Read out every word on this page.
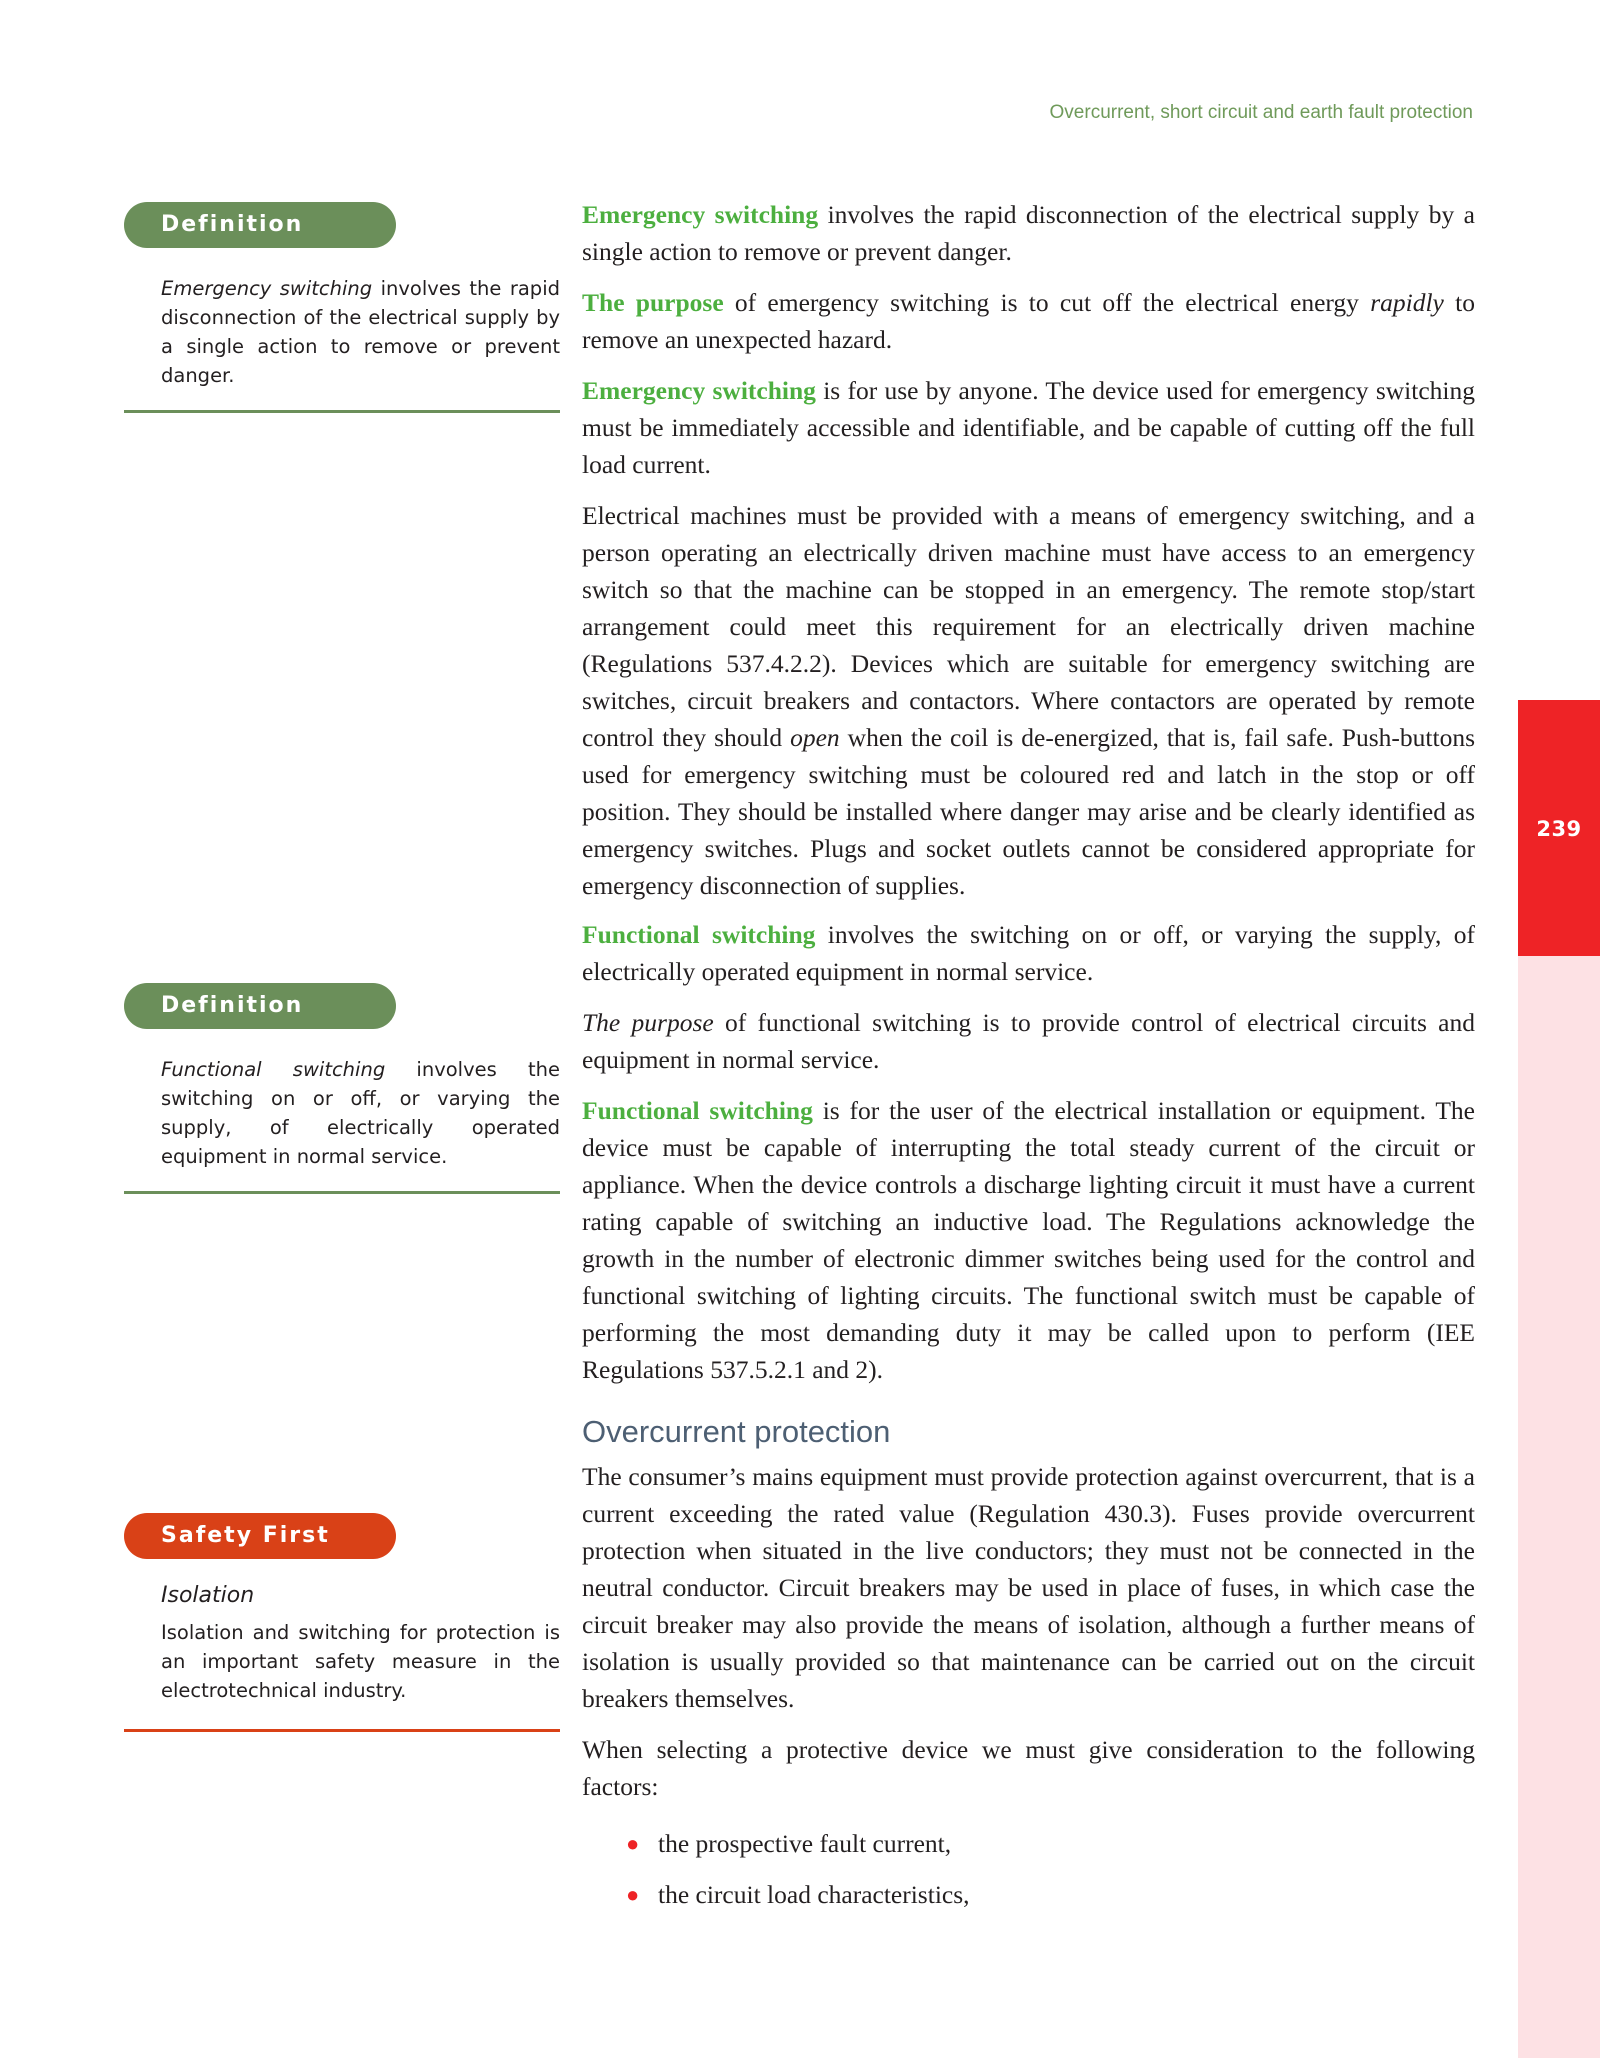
Overcurrent, short circuit and earth fault protection
239
Definition
Emergency switching involves the rapid disconnection of the electrical supply by a single action to remove or prevent danger.
Definition
Functional switching involves the switching on or off, or varying the supply, of electrically operated equipment in normal service.
Safety First
Isolation
Isolation and switching for protection is an important safety measure in the electrotechnical industry.

Emergency switching involves the rapid disconnection of the electrical supply by a single action to remove or prevent danger.

The purpose of emergency switching is to cut off the electrical energy rapidly to remove an unexpected hazard.

Emergency switching is for use by anyone. The device used for emergency switching must be immediately accessible and identifiable, and be capable of cutting off the full load current.

Electrical machines must be provided with a means of emergency switching, and a person operating an electrically driven machine must have access to an emergency switch so that the machine can be stopped in an emergency. The remote stop/start arrangement could meet this requirement for an electrically driven machine (Regulations 537.4.2.2). Devices which are suitable for emergency switching are switches, circuit breakers and contactors. Where contactors are operated by remote control they should open when the coil is de-energized, that is, fail safe. Push-buttons used for emergency switching must be coloured red and latch in the stop or off position. They should be installed where danger may arise and be clearly identified as emergency switches. Plugs and socket outlets cannot be considered appropriate for emergency disconnection of supplies.

Functional switching involves the switching on or off, or varying the supply, of electrically operated equipment in normal service.

The purpose of functional switching is to provide control of electrical circuits and equipment in normal service.

Functional switching is for the user of the electrical installation or equipment. The device must be capable of interrupting the total steady current of the circuit or appliance. When the device controls a discharge lighting circuit it must have a current rating capable of switching an inductive load. The Regulations acknowledge the growth in the number of electronic dimmer switches being used for the control and functional switching of lighting circuits. The functional switch must be capable of performing the most demanding duty it may be called upon to perform (IEE Regulations 537.5.2.1 and 2).

Overcurrent protection

The consumer’s mains equipment must provide protection against overcurrent, that is a current exceeding the rated value (Regulation 430.3). Fuses provide overcurrent protection when situated in the live conductors; they must not be connected in the neutral conductor. Circuit breakers may be used in place of fuses, in which case the circuit breaker may also provide the means of isolation, although a further means of isolation is usually provided so that maintenance can be carried out on the circuit breakers themselves.

When selecting a protective device we must give consideration to the following factors:

● the prospective fault current,
● the circuit load characteristics,
